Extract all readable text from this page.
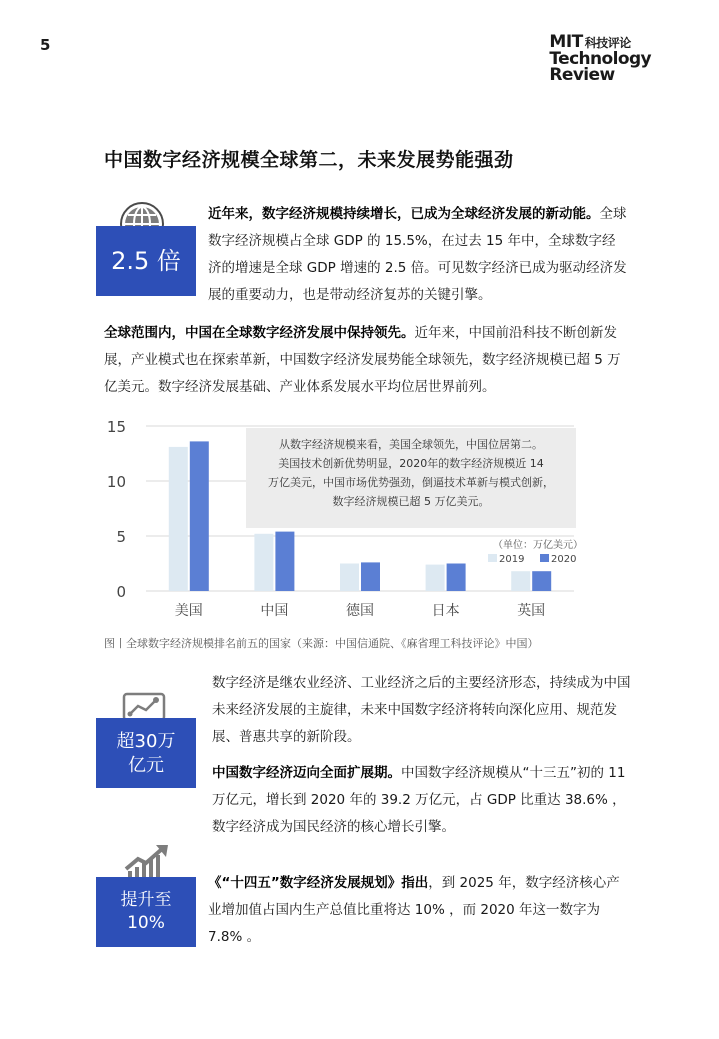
5	MIT 科技评论
Technology
Review
中国数字经济规模全球第二，未来发展势能强劲
2.5 倍
近年来，数字经济规模持续增长，已成为全球经济发展的新动能。全球数字经济规模占全球 GDP 的 15.5%，在过去 15 年中，全球数字经济的增速是全球 GDP 增速的 2.5 倍。可见数字经济已成为驱动经济发展的重要动力，也是带动经济复苏的关键引擎。
全球范围内，中国在全球数字经济发展中保持领先。近年来，中国前沿科技不断创新发展，产业模式也在探索革新，中国数字经济发展势能全球领先，数字经济规模已超 5 万亿美元。数字经济发展基础、产业体系发展水平均位居世界前列。
0
5
10
15
美国	中国	德国	日本	英国
从数字经济规模来看，美国全球领先，中国位居第二。
美国技术创新优势明显，2020年的数字经济规模近 14
万亿美元，中国市场优势强劲，倒逼技术革新与模式创新，
数字经济规模已超 5 万亿美元。
（单位：万亿美元）
2019	2020
图丨全球数字经济规模排名前五的国家（来源：中国信通院、《麻省理工科技评论》中国）
超30万
亿元
数字经济是继农业经济、工业经济之后的主要经济形态，持续成为中国未来经济发展的主旋律，未来中国数字经济将转向深化应用、规范发展、普惠共享的新阶段。
中国数字经济迈向全面扩展期。中国数字经济规模从“十三五”初的 11 万亿元，增长到 2020 年的 39.2 万亿元，占 GDP 比重达 38.6% ，数字经济成为国民经济的核心增长引擎。
提升至
10%
《“十四五”数字经济发展规划》指出，到 2025 年，数字经济核心产业增加值占国内生产总值比重将达 10% ，而 2020 年这一数字为 7.8% 。
